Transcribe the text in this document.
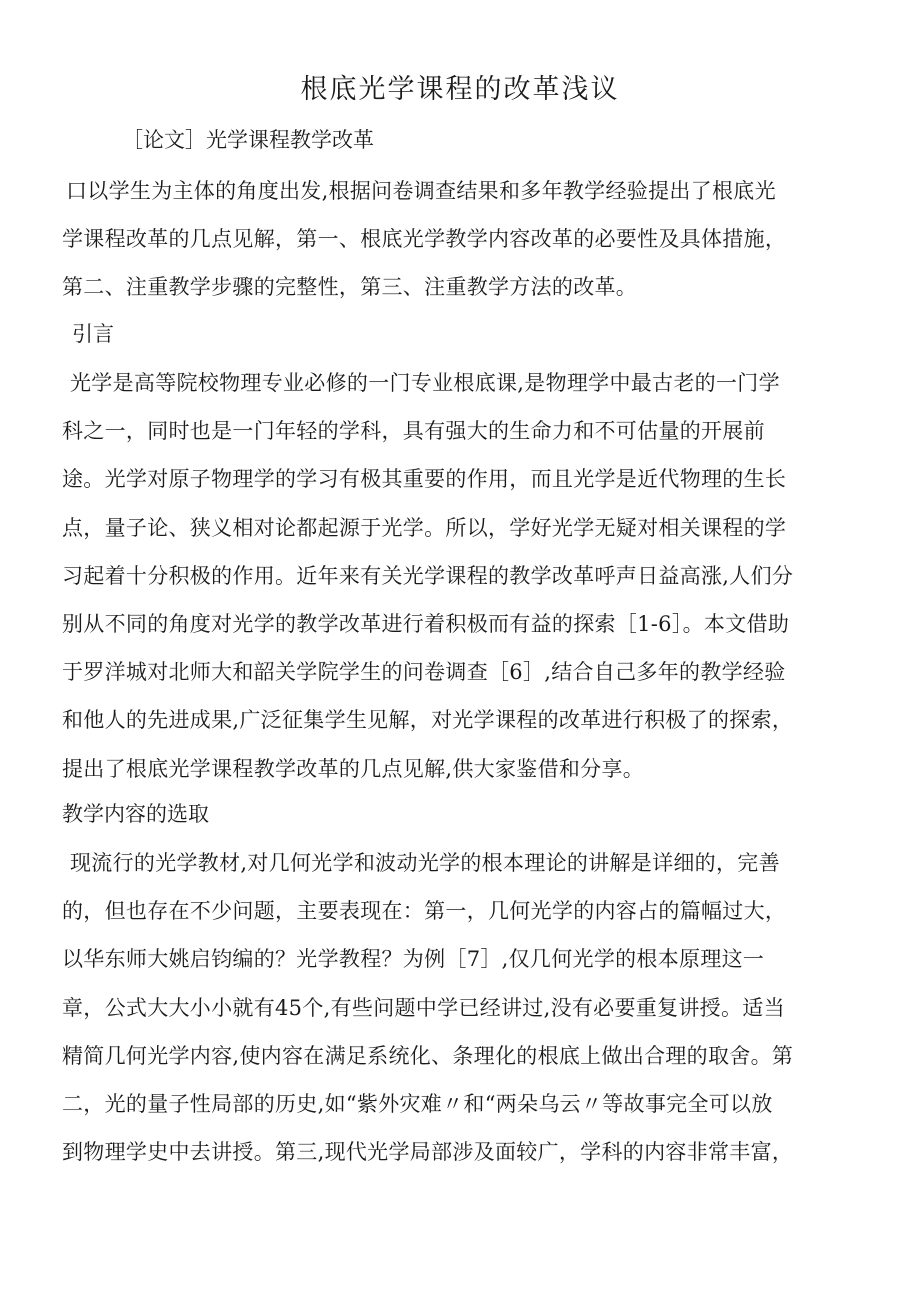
根底光学课程的改革浅议

［论文］光学课程教学改革

口以学生为主体的角度出发,根据问卷调查结果和多年教学经验提出了根底光
学课程改革的几点见解，第一、根底光学教学内容改革的必要性及具体措施，
第二、注重教学步骤的完整性，第三、注重教学方法的改革。
引言
光学是高等院校物理专业必修的一门专业根底课,是物理学中最古老的一门学
科之一，同时也是一门年轻的学科，具有强大的生命力和不可估量的开展前
途。光学对原子物理学的学习有极其重要的作用，而且光学是近代物理的生长
点，量子论、狭义相对论都起源于光学。所以，学好光学无疑对相关课程的学
习起着十分积极的作用。近年来有关光学课程的教学改革呼声日益高涨,人们分
别从不同的角度对光学的教学改革进行着积极而有益的探索［1-6］。本文借助
于罗洋城对北师大和韶关学院学生的问卷调查［6］,结合自己多年的教学经验
和他人的先进成果,广泛征集学生见解，对光学课程的改革进行积极了的探索，
提出了根底光学课程教学改革的几点见解,供大家鉴借和分享。
教学内容的选取
现流行的光学教材,对几何光学和波动光学的根本理论的讲解是详细的，完善
的，但也存在不少问题，主要表现在：第一，几何光学的内容占的篇幅过大，
以华东师大姚启钧编的？光学教程？为例［7］,仅几何光学的根本原理这一
章，公式大大小小就有45个,有些问题中学已经讲过,没有必要重复讲授。适当
精简几何光学内容,使内容在满足系统化、条理化的根底上做出合理的取舍。第
二，光的量子性局部的历史,如“紫外灾难〃和“两朵乌云〃等故事完全可以放
到物理学史中去讲授。第三,现代光学局部涉及面较广，学科的内容非常丰富，
